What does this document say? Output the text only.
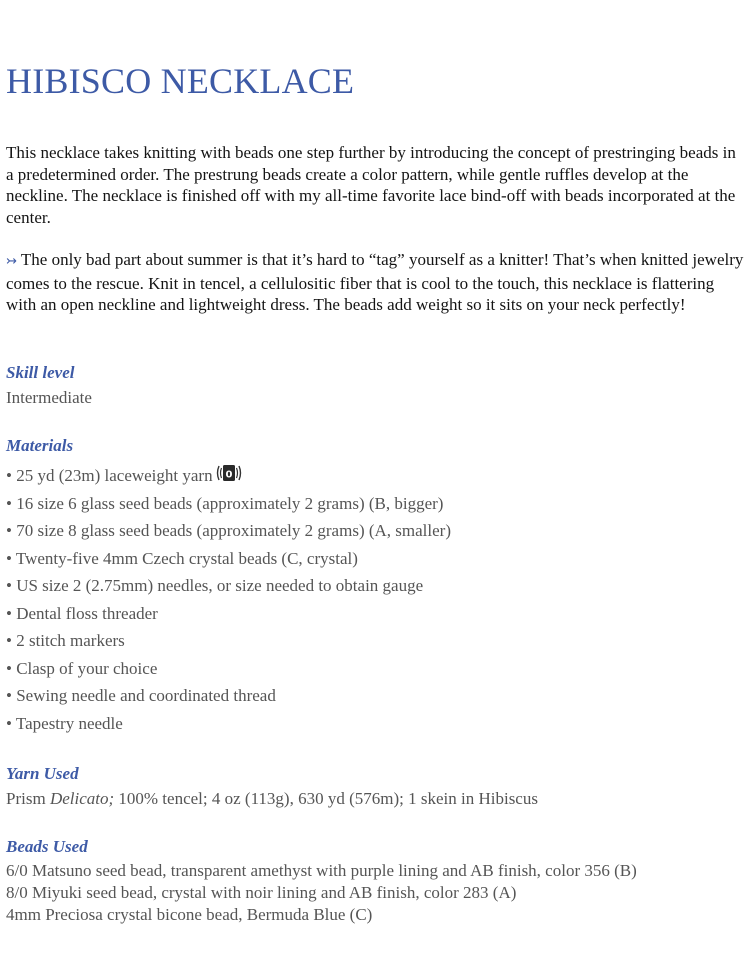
HIBISCO NECKLACE

This necklace takes knitting with beads one step further by introducing the concept of prestringing beads in a predetermined order. The prestrung beads create a color pattern, while gentle ruffles develop at the neckline. The necklace is finished off with my all-time favorite lace bind-off with beads incorporated at the center.

↣ The only bad part about summer is that it’s hard to “tag” yourself as a knitter! That’s when knitted jewelry comes to the rescue. Knit in tencel, a cellulositic fiber that is cool to the touch, this necklace is flattering with an open neckline and lightweight dress. The beads add weight so it sits on your neck perfectly!

Skill level

Intermediate

Materials
• 25 yd (23m) laceweight yarn 0
• 16 size 6 glass seed beads (approximately 2 grams) (B, bigger)
• 70 size 8 glass seed beads (approximately 2 grams) (A, smaller)
• Twenty-five 4mm Czech crystal beads (C, crystal)
• US size 2 (2.75mm) needles, or size needed to obtain gauge
• Dental floss threader
• 2 stitch markers
• Clasp of your choice
• Sewing needle and coordinated thread
• Tapestry needle
Yarn Used

Prism Delicato; 100% tencel; 4 oz (113g), 630 yd (576m); 1 skein in Hibiscus

Beads Used
6/0 Matsuno seed bead, transparent amethyst with purple lining and AB finish, color 356 (B)
8/0 Miyuki seed bead, crystal with noir lining and AB finish, color 283 (A)
4mm Preciosa crystal bicone bead, Bermuda Blue (C)
